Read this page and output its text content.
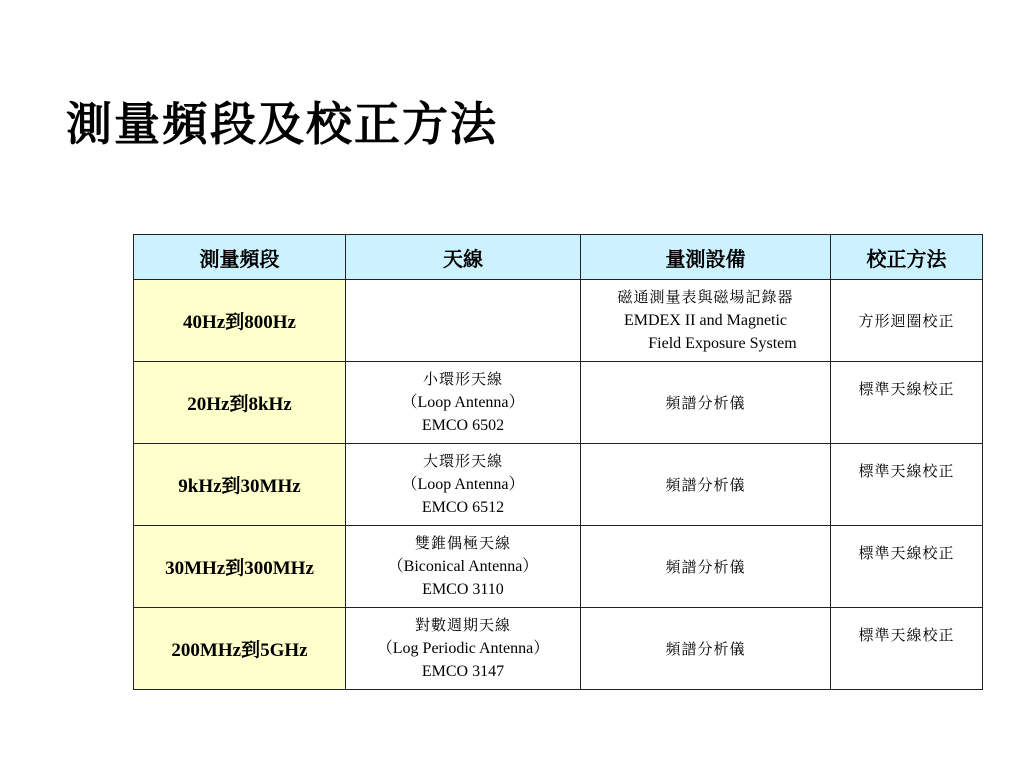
測量頻段及校正方法
測量頻段	天線	量測設備	校正方法
40Hz到800Hz		磁通測量表與磁場記錄器
EMDEX II and Magnetic
Field Exposure System	方形迴圈校正
20Hz到8kHz	小環形天線
（Loop Antenna）
EMCO 6502	頻譜分析儀	標準天線校正
9kHz到30MHz	大環形天線
（Loop Antenna）
EMCO 6512	頻譜分析儀	標準天線校正
30MHz到300MHz	雙錐偶極天線
（Biconical Antenna）
EMCO 3110	頻譜分析儀	標準天線校正
200MHz到5GHz	對數週期天線
（Log Periodic Antenna）
EMCO 3147	頻譜分析儀	標準天線校正
